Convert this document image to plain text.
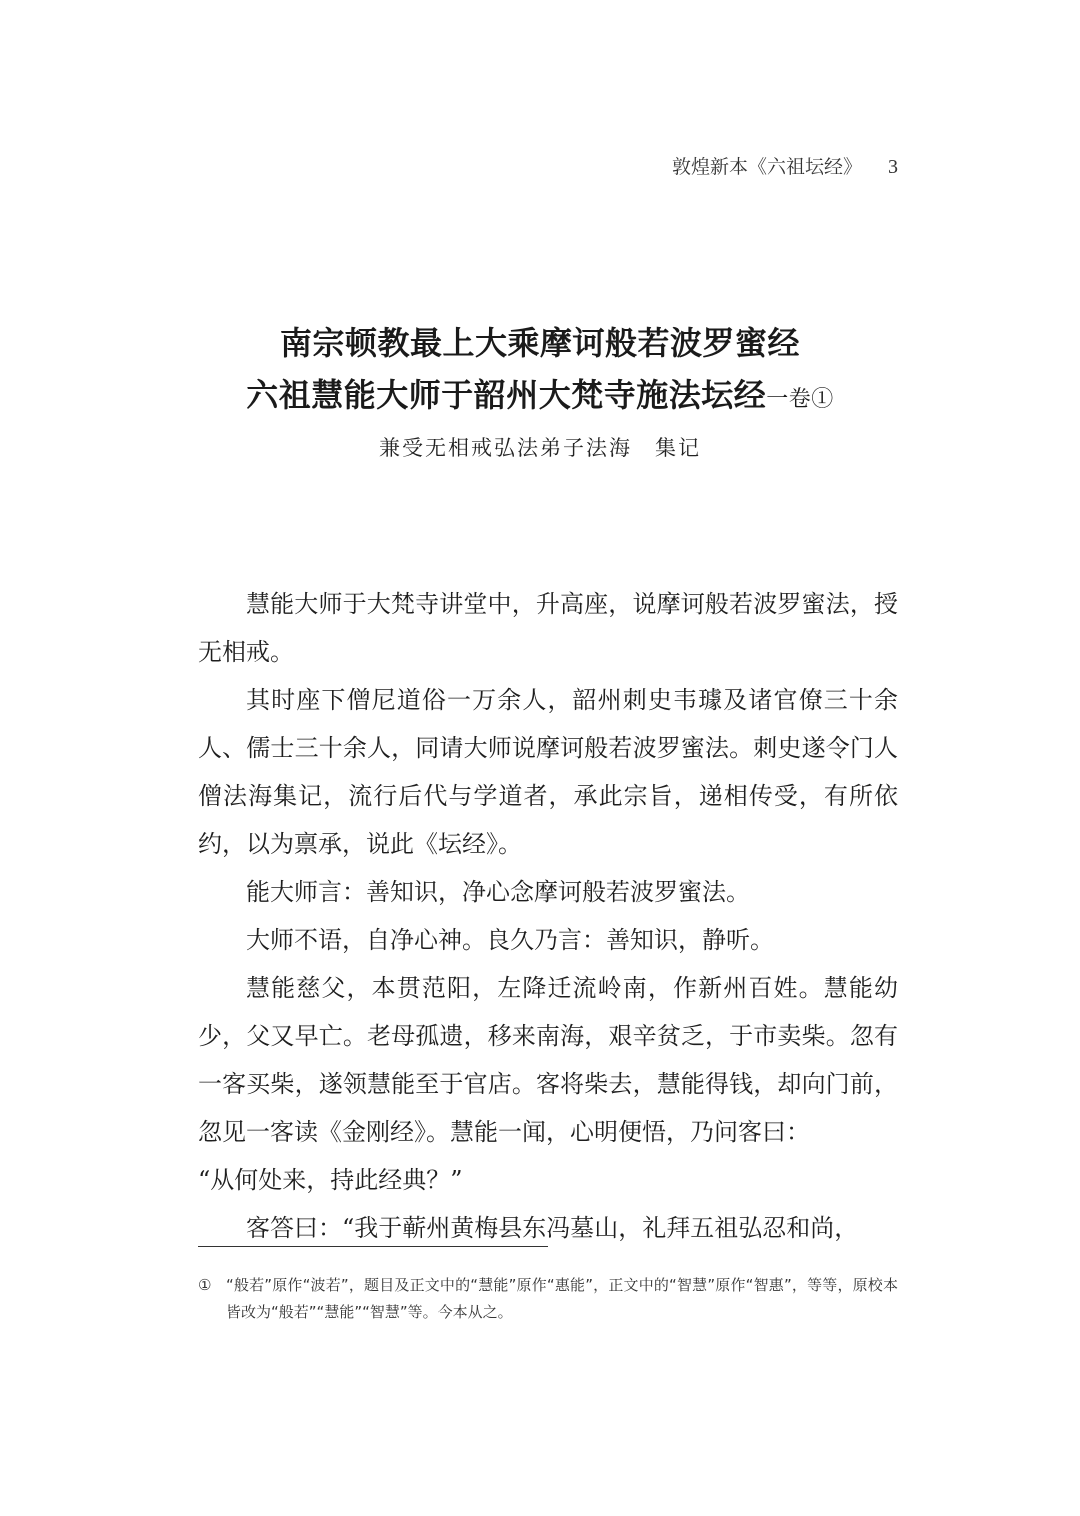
敦煌新本《六祖坛经》 3
南宗顿教最上大乘摩诃般若波罗蜜经
六祖慧能大师于韶州大梵寺施法坛经一卷①
兼受无相戒弘法弟子法海　集记

慧能大师于大梵寺讲堂中，升高座，说摩诃般若波罗蜜法，授无相戒。

其时座下僧尼道俗一万余人，韶州刺史韦璩及诸官僚三十余人、儒士三十余人，同请大师说摩诃般若波罗蜜法。刺史遂令门人僧法海集记，流行后代与学道者，承此宗旨，递相传受，有所依约，以为禀承，说此《坛经》。

能大师言：善知识，净心念摩诃般若波罗蜜法。

大师不语，自净心神。良久乃言：善知识，静听。

慧能慈父，本贯范阳，左降迁流岭南，作新州百姓。慧能幼少，父又早亡。老母孤遗，移来南海，艰辛贫乏，于市卖柴。忽有一客买柴，遂领慧能至于官店。客将柴去，慧能得钱，却向门前，忽见一客读《金刚经》。慧能一闻，心明便悟，乃问客曰：

“从何处来，持此经典？”

客答曰：“我于蕲州黄梅县东冯墓山，礼拜五祖弘忍和尚，

① “般若”原作“波若”，题目及正文中的“慧能”原作“惠能”，正文中的“智慧”原作“智惠”，等等，原校本皆改为“般若”“慧能”“智慧”等。今本从之。
